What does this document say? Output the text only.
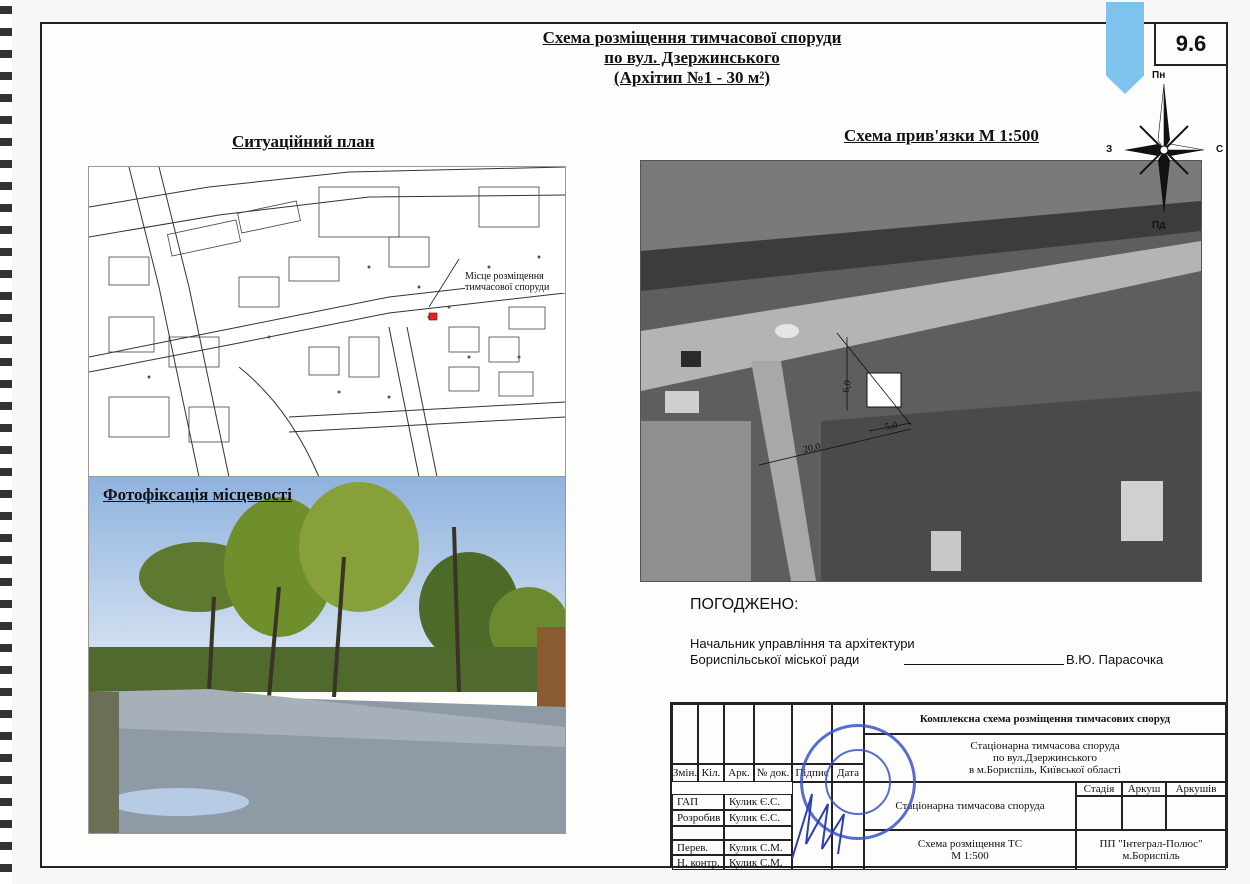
Схема розміщення тимчасової споруди
по вул. Дзержинського
(Архітип №1 - 30 м²)
9.6
Ситуаційний план	Схема прив'язки М 1:500
Місце розміщення тимчасової споруди
Фотофіксація місцевості
20,0
5,0
6,0
Пн
Пд
З	С
ПОГОДЖЕНО:
Начальник управління та архітектури
Бориспільської міської ради	В.Ю. Парасочка
Змін. Кіл. Арк. № док. Підпис Дата
ГАП	Кулик Є.С.
Розробив Кулик Є.С.
Перев.	Кулик С.М.
Н. контр. Кулик С.М.
Комплексна схема розміщення тимчасових споруд
Стаціонарна тимчасова споруда
по вул.Дзержинського
в м.Бориспіль, Київської області
Стаціонарна тимчасова споруда
Стадія	Аркуш	Аркушів
Схема розміщення ТС
М 1:500
ПП "Інтеграл-Полюс"
м.Бориспіль
